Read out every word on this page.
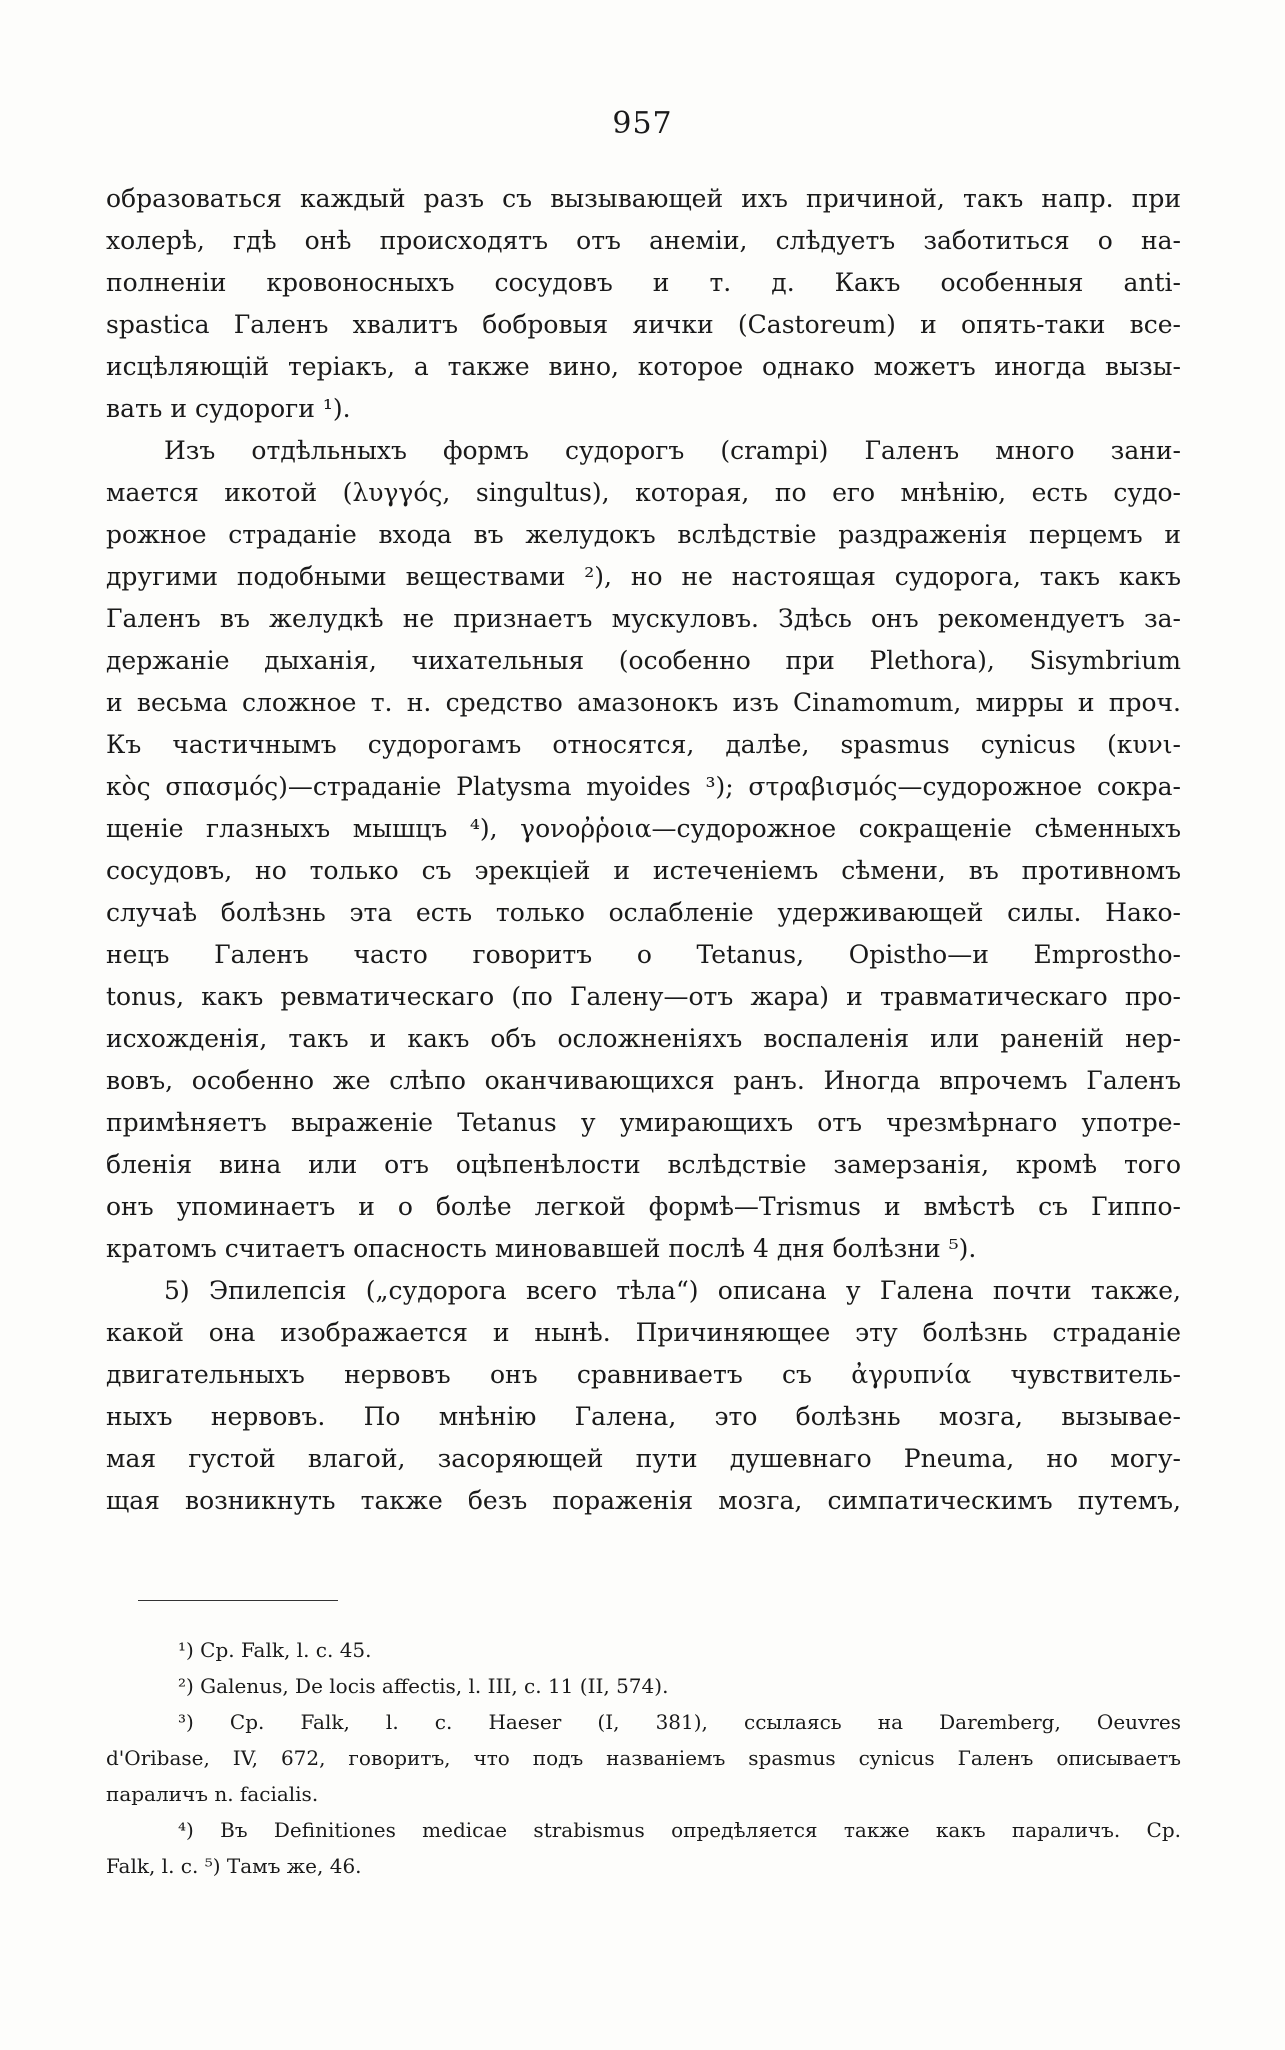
957
образоваться каждый разъ съ вызывающей ихъ причиной, такъ напр. при
холерѣ, гдѣ онѣ происходятъ отъ анемiи, слѣдуетъ заботиться о на-
полненiи кровоносныхъ сосудовъ и т. д. Какъ особенныя anti-
spastica Галенъ хвалитъ бобровыя яички (Castoreum) и опять-таки все-
исцѣляющiй терiакъ, а также вино, которое однако можетъ иногда вызы-
вать и судороги ¹).
Изъ отдѣльныхъ формъ судорогъ (crampi) Галенъ много зани-
мается икотой (λυγγός, singultus), которая, по его мнѣнiю, есть судо-
рожное страданiе входа въ желудокъ вслѣдствiе раздраженiя перцемъ и
другими подобными веществами ²), но не настоящая судорога, такъ какъ
Галенъ въ желудкѣ не признаетъ мускуловъ. Здѣсь онъ рекомендуетъ за-
держанiе дыханiя, чихательныя (особенно при Plethora), Sisymbrium
и весьма сложное т. н. средство амазонокъ изъ Cinamomum, мирры и проч.
Къ частичнымъ судорогамъ относятся, далѣе, spasmus cynicus (κυνι-
κὸς σπασμός)—страданiе Platysma myoides ³); στραβισμός—судорожное сокра-
щенiе глазныхъ мышцъ ⁴), γονοῤῥοια—судорожное сокращенiе сѣменныхъ
сосудовъ, но только съ эрекцiей и истеченiемъ сѣмени, въ противномъ
случаѣ болѣзнь эта есть только ослабленiе удерживающей силы. Нако-
нецъ Галенъ часто говоритъ о Tetanus, Opistho—и Emprostho-
tonus, какъ ревматическаго (по Галену—отъ жара) и травматическаго про-
исхожденiя, такъ и какъ объ осложненiяхъ воспаленiя или раненiй нер-
вовъ, особенно же слѣпо оканчивающихся ранъ. Иногда впрочемъ Галенъ
примѣняетъ выраженiе Tetanus у умирающихъ отъ чрезмѣрнаго употре-
бленiя вина или отъ оцѣпенѣлости вслѣдствiе замерзанiя, кромѣ того
онъ упоминаетъ и о болѣе легкой формѣ—Trismus и вмѣстѣ съ Гиппо-
кратомъ считаетъ опасность миновавшей послѣ 4 дня болѣзни ⁵).
5) Эпилепсiя („судорога всего тѣла“) описана у Галена почти также,
какой она изображается и нынѣ. Причиняющее эту болѣзнь страданiе
двигательныхъ нервовъ онъ сравниваетъ съ ἀγρυπνία чувствитель-
ныхъ нервовъ. По мнѣнiю Галена, это болѣзнь мозга, вызывае-
мая густой влагой, засоряющей пути душевнаго Pneuma, но могу-
щая возникнуть также безъ пораженiя мозга, симпатическимъ путемъ,
¹) Ср. Falk, l. c. 45.
²) Galenus, De locis affectis, l. III, c. 11 (II, 574).
³) Ср. Falk, l. c. Haeser (I, 381), ссылаясь на Daremberg, Oeuvres
d'Oribase, IV, 672, говоритъ, что подъ названiемъ spasmus cynicus Галенъ описываетъ
параличъ n. facialis.
⁴) Въ Definitiones medicae strabismus опредѣляется также какъ параличъ. Ср.
Falk, l. c. ⁵) Тамъ же, 46.
